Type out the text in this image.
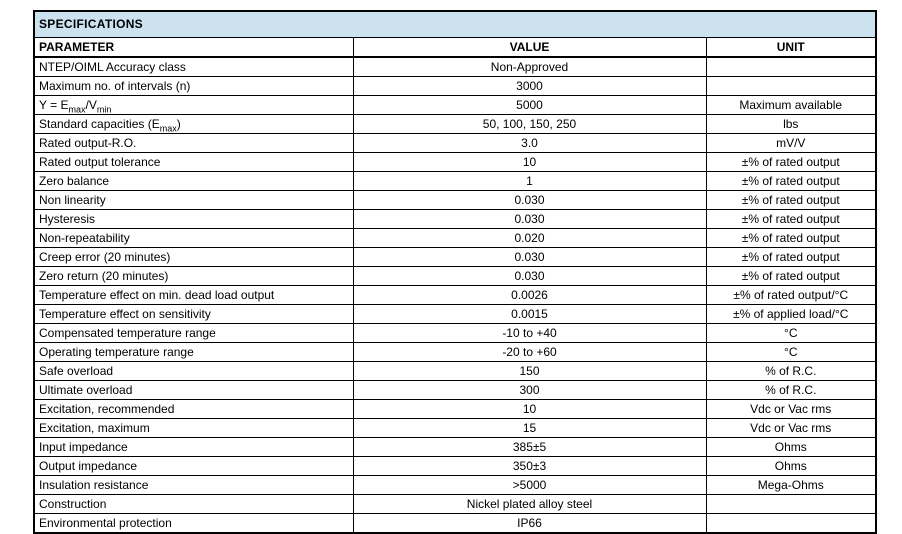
SPECIFICATIONS		
PARAMETER	VALUE	UNIT
NTEP/OIML Accuracy class	Non-Approved	
Maximum no. of intervals (n)	3000	
$Y = E_{max}/V_{min}$	5000	Maximum available
Standard capacities $(E_{max})$	50, 100, 150, 250	lbs
Rated output-R.O.	3.0	mV/V
Rated output tolerance	10	±% of rated output
Zero balance	1	±% of rated output
Non linearity	0.030	±% of rated output
Hysteresis	0.030	±% of rated output
Non-repeatability	0.020	±% of rated output
Creep error (20 minutes)	0.030	±% of rated output
Zero return (20 minutes)	0.030	±% of rated output
Temperature effect on min. dead load output	0.0026	±% of rated output/°C
Temperature effect on sensitivity	0.0015	±% of applied load/°C
Compensated temperature range	-10 to +40	°C
Operating temperature range	-20 to +60	°C
Safe overload	150	% of R.C.
Ultimate overload	300	% of R.C.
Excitation, recommended	10	Vdc or Vac rms
Excitation, maximum	15	Vdc or Vac rms
Input impedance	385±5	Ohms
Output impedance	350±3	Ohms
Insulation resistance	>5000	Mega-Ohms
Construction	Nickel plated alloy steel	
Environmental protection	IP66	
